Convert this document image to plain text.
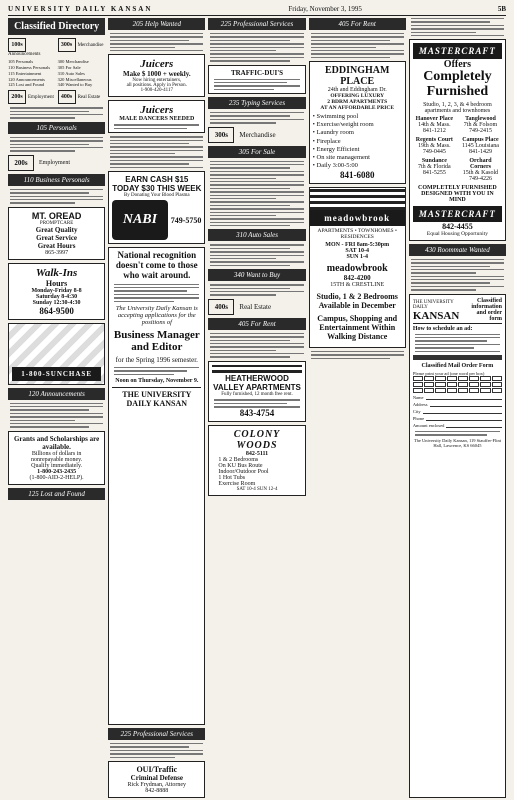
Friday, November 3, 1995
UNIVERSITY DAILY KANSAN	5B
Classified Directory
100sAnnouncements
300s Merchandise
105 Personals
110 Business Personals
115 Entertainment
120 Announcements
125 Lost and Found
300 Merchandise
305 For Sale
310 Auto Sales
320 Miscellaneous
340 Wanted to Buy
200s Employment	400s Real Estate
105 Personals
200s	Employment
110 Business Personals
MT. OREAD
PROMPTCARE
Great Quality
Great Service
Great Hours
865-3997
Walk-Ins
Hours
Monday-Friday 8-8
Saturday 8-4:30
Sunday 12:30-4:30
864-9500
1-800-SUNCHASE
120 Announcements
Grants and Scholarships are available.
Billions of dollars in
nonrepayable money.
Qualify immediately.
1-800-243-2435
(1-800-AID-2-HELP).
125 Lost and Found
205 Help Wanted
Juicers
Make $ 1000 + weekly.
Now hiring entertainers,
all positions. Apply in Person.
1-900-420-4117
Juicers
MALE DANCERS NEEDED
EARN CASH $15 TODAY $30 THIS WEEK
By Donating Your Blood Plasma
NABI	749-5750
National recognition doesn't come to those who wait around.
The University Daily Kansan is accepting applications for the positions of
Business Manager and Editor
for the Spring 1996 semester.
Noon on Thursday, November 9.
THE UNIVERSITY DAILY KANSAN
225 Professional Services
OUI/Traffic
Criminal Defense
Rick Frydman, Attorney
842-8888
225 Professional Services
TRAFFIC-DUI'S
235 Typing Services
300s	Merchandise
305 For Sale
310 Auto Sales
340 Want to Buy
400s	Real Estate
405 For Rent
HEATHERWOOD VALLEY APARTMENTS
Fully furnished, 12 month free rent.
843-4754
COLONY WOODS
842-5111
1 & 2 Bedrooms
On KU Bus Route
Indoor/Outdoor Pool
1 Hot Tubs
Exercise Room
SAT 10-4 SUN 12-4
405 For Rent
EDDINGHAM PLACE
24th and Eddingham Dr.
OFFERING LUXURY
2 BDRM APARTMENTS
AT AN AFFORDABLE PRICE
• Swimming pool
• Exercise/weight room
• Laundry room
• Fireplace
• Energy Efficient
• On site management
• Daily 3:00-5:00
841-6080
meadowbrook
APARTMENTS • TOWNHOMES • RESIDENCES
MON - FRI 8am-5:30pm
SAT 10-4
SUN 1-4
meadowbrook
842-4200
15TH & CRESTLINE
Studio, 1 & 2 Bedrooms Available in December
Campus, Shopping and Entertainment Within Walking Distance
MASTERCRAFT
Offers
Completely Furnished
Studio, 1, 2, 3, & 4 bedroom apartments and townhomes
Hanover Place
14th & Mass.
841-1212
Tanglewood
7th & Folsom
749-2415
Regents Court
19th & Mass.
749-0445
Campus Place
1145 Louisiana
841-1429
Sundance
7th & Florida
841-5255
Orchard Corners
15th & Kasold
749-4226
COMPLETELY FURNISHED DESIGNED WITH YOU IN MIND
MASTERCRAFT
842-4455
Equal Housing Opportunity
430 Roommate Wanted
THE UNIVERSITY DAILY
KANSAN
Classified information and order form
How to schedule an ad:

Classified Mail Order Form
Please print your ad (one word per box)
Name
Address
City
Phone
Amount enclosed
The University Daily Kansan, 119 Stauffer-Flint Hall, Lawrence, KS 66045
